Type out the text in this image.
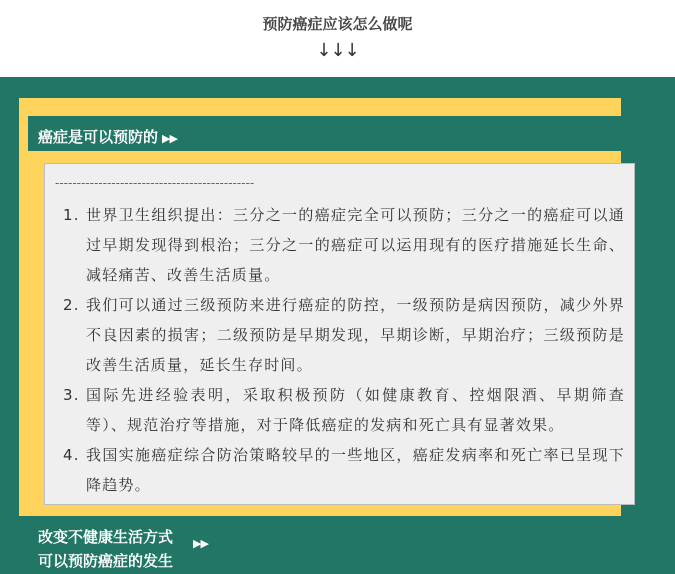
预防癌症应该怎么做呢
↓↓↓
癌症是可以预防的 ▶▶
----------------------------------------------
1. 世界卫生组织提出：三分之一的癌症完全可以预防；三分之一的癌症可以通过早期发现得到根治；三分之一的癌症可以运用现有的医疗措施延长生命、减轻痛苦、改善生活质量。
2. 我们可以通过三级预防来进行癌症的防控，一级预防是病因预防，减少外界不良因素的损害；二级预防是早期发现，早期诊断，早期治疗；三级预防是改善生活质量，延长生存时间。
3. 国际先进经验表明，采取积极预防（如健康教育、控烟限酒、早期筛查等）、规范治疗等措施，对于降低癌症的发病和死亡具有显著效果。
4. 我国实施癌症综合防治策略较早的一些地区，癌症发病率和死亡率已呈现下降趋势。
改变不健康生活方式
可以预防癌症的发生
▶▶
